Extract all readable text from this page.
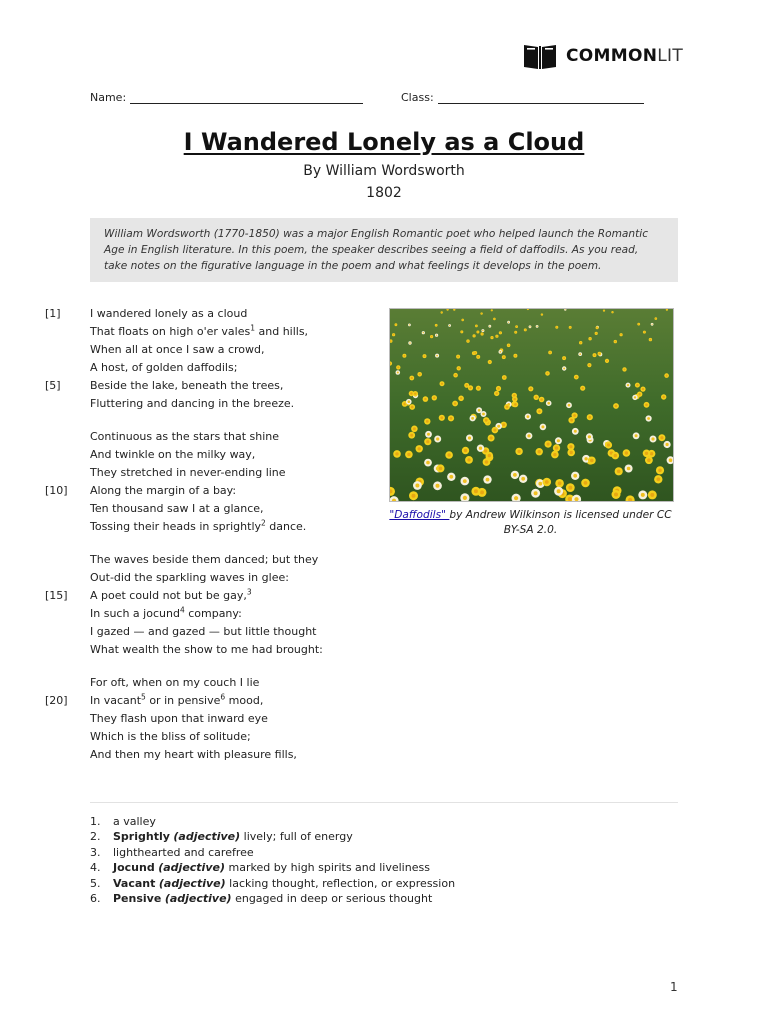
COMMONLIT
Name:	Class:
I Wandered Lonely as a Cloud
By William Wordsworth
1802
William Wordsworth (1770-1850) was a major English Romantic poet who helped launch the Romantic Age in English literature. In this poem, the speaker describes seeing a field of daffodils. As you read, take notes on the figurative language in the poem and what feelings it develops in the poem.
[1]	I wandered lonely as a cloud
That floats on high o'er vales$^1$ and hills,
When all at once I saw a crowd,
A host, of golden daffodils;
[5]	Beside the lake, beneath the trees,
Fluttering and dancing in the breeze.
Continuous as the stars that shine
And twinkle on the milky way,
They stretched in never-ending line
[10]	Along the margin of a bay:
Ten thousand saw I at a glance,
Tossing their heads in sprightly$^2$ dance.
The waves beside them danced; but they
Out-did the sparkling waves in glee:
[15]	A poet could not but be gay,$^3$
In such a jocund$^4$ company:
I gazed — and gazed — but little thought
What wealth the show to me had brought:
For oft, when on my couch I lie
[20]	In vacant$^5$ or in pensive$^6$ mood,
They flash upon that inward eye
Which is the bliss of solitude;
And then my heart with pleasure fills,
"Daffodils" by Andrew Wilkinson is licensed under CC BY-SA 2.0.
1.	a valley
2.	Sprightly (adjective) lively; full of energy
3.	lighthearted and carefree
4.	Jocund (adjective) marked by high spirits and liveliness
5.	Vacant (adjective) lacking thought, reflection, or expression
6.	Pensive (adjective) engaged in deep or serious thought
1
